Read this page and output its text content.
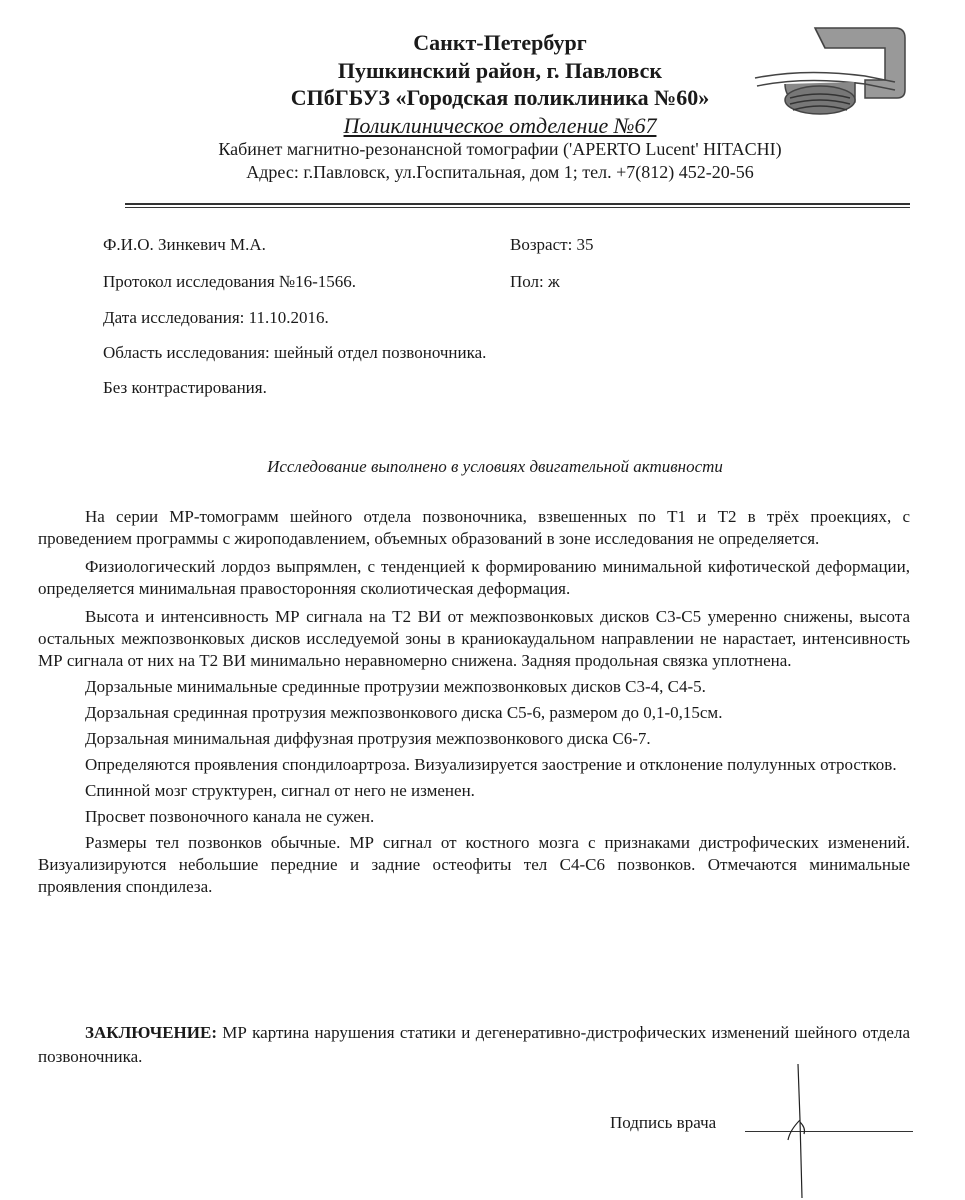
Санкт-Петербург
Пушкинский район, г. Павловск
СПбГБУЗ «Городская поликлиника №60»
Поликлиническое отделение №67
Кабинет магнитно-резонансной томографии ('APERTO Lucent' HITACHI)
Адрес: г.Павловск, ул.Госпитальная, дом 1; тел. +7(812) 452-20-56
Ф.И.О. Зинкевич М.А.	Возраст: 35
Протокол исследования №16-1566.	Пол: ж
Дата исследования: 11.10.2016.
Область исследования: шейный отдел позвоночника.
Без контрастирования.
Исследование выполнено в условиях двигательной активности

На серии МР-томограмм шейного отдела позвоночника, взвешенных по Т1 и Т2 в трёх проекциях, с проведением программы с жироподавлением, объемных образований в зоне исследования не определяется.

Физиологический лордоз выпрямлен, с тенденцией к формированию минимальной кифотической деформации, определяется минимальная правосторонняя сколиотическая деформация.

Высота и интенсивность МР сигнала на Т2 ВИ от межпозвонковых дисков С3-С5 умеренно снижены, высота остальных межпозвонковых дисков исследуемой зоны в краниокаудальном направлении не нарастает, интенсивность МР сигнала от них на Т2 ВИ минимально неравномерно снижена. Задняя продольная связка уплотнена.

Дорзальные минимальные срединные протрузии межпозвонковых дисков С3-4, С4-5.

Дорзальная срединная протрузия межпозвонкового диска С5-6, размером до 0,1-0,15см.

Дорзальная минимальная диффузная протрузия межпозвонкового диска С6-7.

Определяются проявления спондилоартроза. Визуализируется заострение и отклонение полулунных отростков.

Спинной мозг структурен, сигнал от него не изменен.

Просвет позвоночного канала не сужен.

Размеры тел позвонков обычные. МР сигнал от костного мозга с признаками дистрофических изменений. Визуализируются небольшие передние и задние остеофиты тел С4-С6 позвонков. Отмечаются минимальные проявления спондилеза.

ЗАКЛЮЧЕНИЕ: МР картина нарушения статики и дегенеративно-дистрофических изменений шейного отдела позвоночника.

Подпись врача
